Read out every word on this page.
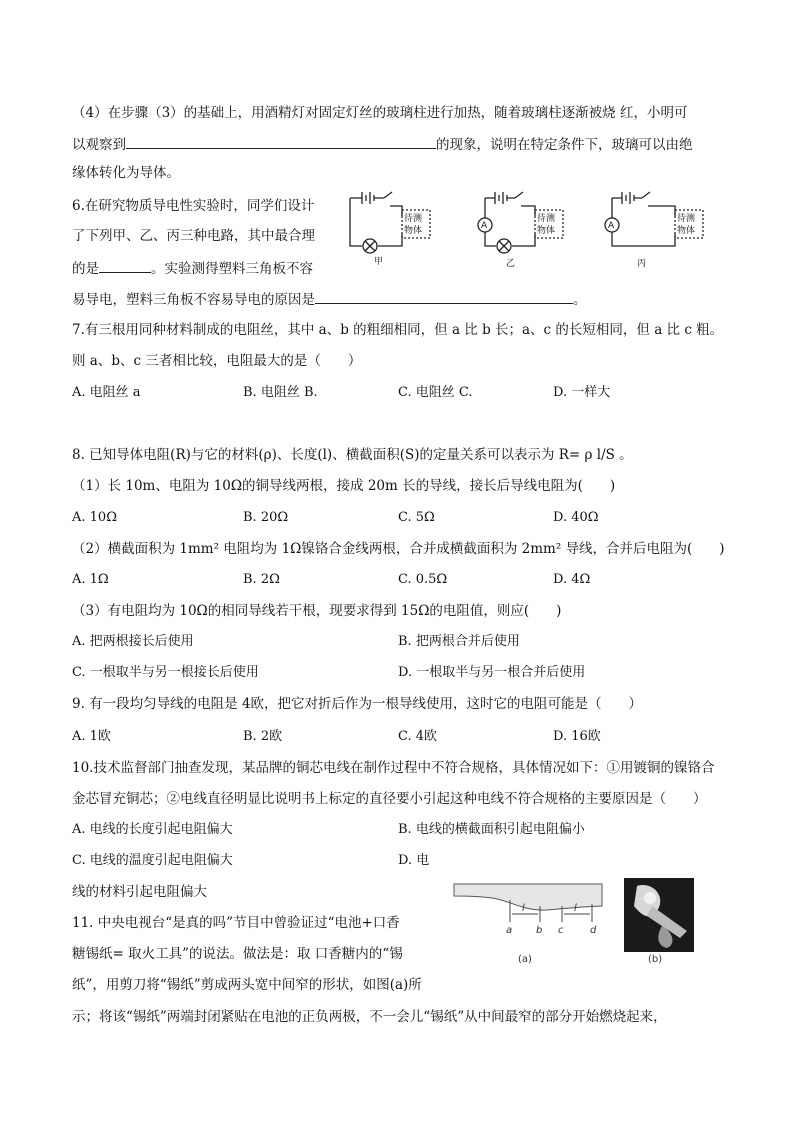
（4）在步骤（3）的基础上，用酒精灯对固定灯丝的玻璃柱进行加热，随着玻璃柱逐渐被烧 红，小明可
以观察到	的现象，说明在特定条件下，玻璃可以由绝
缘体转化为导体。
6.在研究物质导电性实验时，同学们设计
了下列甲、乙、丙三种电路，其中最合理
的是	。实验测得塑料三角板不容
易导电，塑料三角板不容易导电的原因是	。
待测
物体
待测
物体
待测
物体
A	A
甲	乙	丙
7.有三根用同种材料制成的电阻丝，其中 a、b 的粗细相同，但 a 比 b 长；a、c 的长短相同，但 a 比 c 粗。
则 a、b、c 三者相比较，电阻最大的是（　　）
A. 电阻丝 a	B. 电阻丝 B.	C. 电阻丝 C.	D. 一样大
8. 已知导体电阻(R)与它的材料(ρ)、长度(l)、横截面积(S)的定量关系可以表示为 R= ρ l/S 。
（1）长 10m、电阻为 10Ω的铜导线两根，接成 20m 长的导线，接长后导线电阻为(　　)
A. 10Ω	B. 20Ω	C. 5Ω	D. 40Ω
（2）横截面积为 1mm² 电阻均为 1Ω镍铬合金线两根，合并成横截面积为 2mm² 导线，合并后电阻为(　　)
A. 1Ω	B. 2Ω	C. 0.5Ω	D. 4Ω
（3）有电阻均为 10Ω的相同导线若干根，现要求得到 15Ω的电阻值，则应(　　)
A. 把两根接长后使用	B. 把两根合并后使用
C. 一根取半与另一根接长后使用	D. 一根取半与另一根合并后使用
9. 有一段均匀导线的电阻是 4欧，把它对折后作为一根导线使用，这时它的电阻可能是（　　）
A. 1欧	B. 2欧	C. 4欧	D. 16欧
10.技术监督部门抽查发现，某品牌的铜芯电线在制作过程中不符合规格，具体情况如下：①用镀铜的镍铬合
金芯冒充铜芯；②电线直径明显比说明书上标定的直径要小引起这种电线不符合规格的主要原因是（　　）
A. 电线的长度引起电阻偏大	B. 电线的横截面积引起电阻偏小
C. 电线的温度引起电阻偏大	D. 电
线的材料引起电阻偏大
11. 中央电视台“是真的吗”节目中曾验证过“电池+口香
糖锡纸= 取火工具”的说法。做法是：取 口香糖内的“锡
纸”，用剪刀将“锡纸”剪成两头宽中间窄的形状，如图(a)所
示；将该“锡纸”两端封闭紧贴在电池的正负两极，不一会儿“锡纸”从中间最窄的部分开始燃烧起来，
a b c	d
l	l
(a)	(b)
